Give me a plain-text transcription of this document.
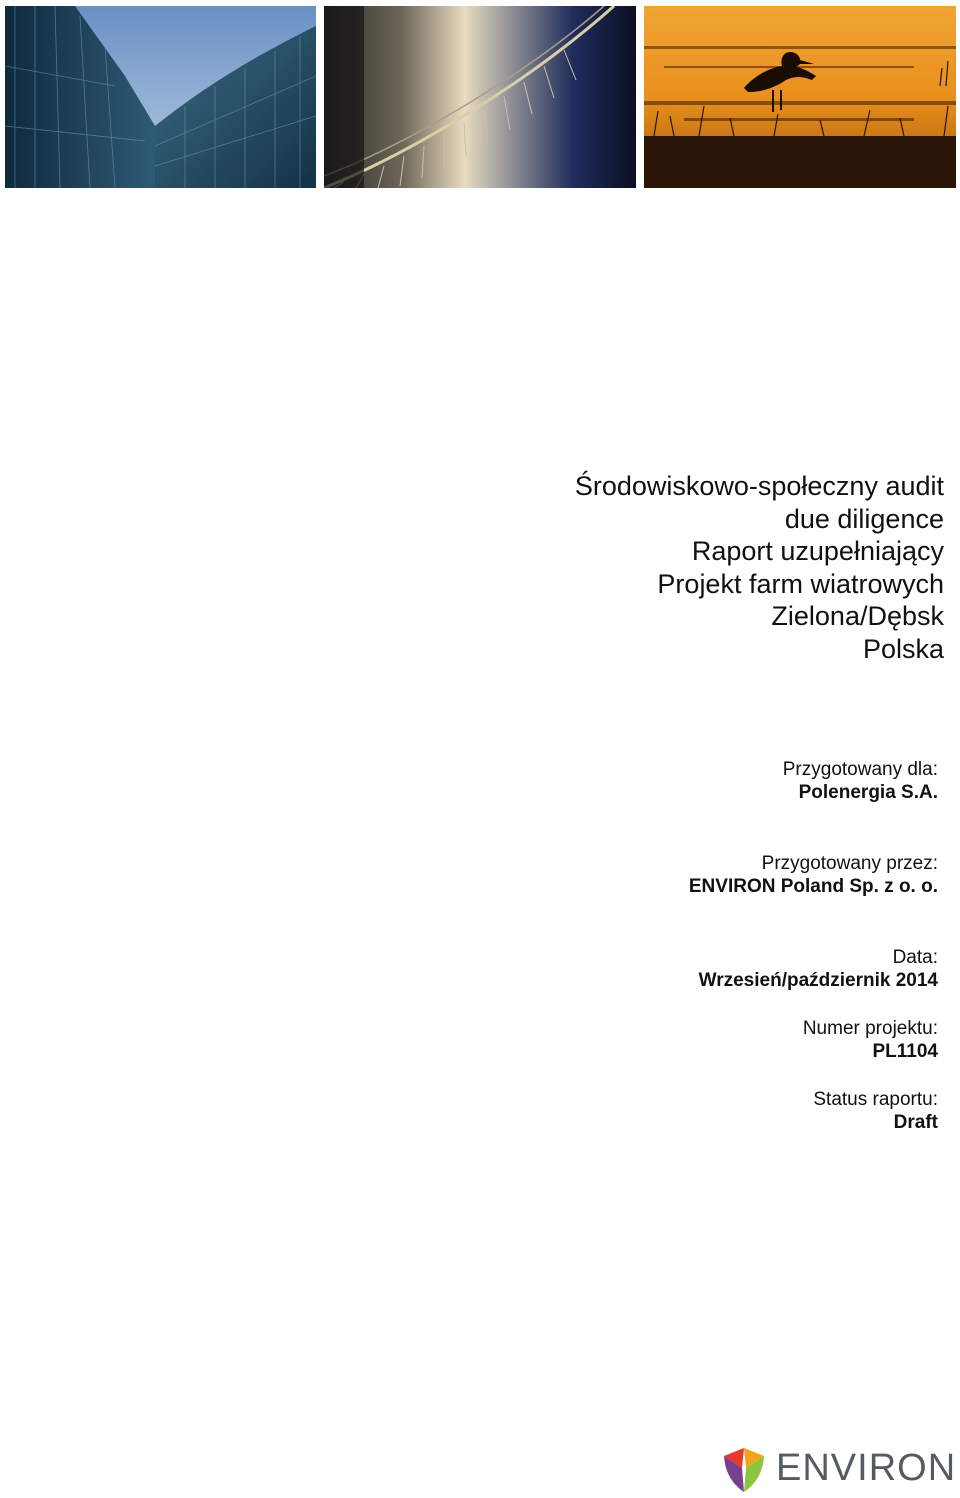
Środowiskowo-społeczny audit
due diligence
Raport uzupełniający
Projekt farm wiatrowych
Zielona/Dębsk
Polska
Przygotowany dla:
Polenergia S.A.
Przygotowany przez:
ENVIRON Poland Sp. z o. o.
Data:
Wrzesień/październik 2014
Numer projektu:
PL1104
Status raportu:
Draft
ENVIRON
